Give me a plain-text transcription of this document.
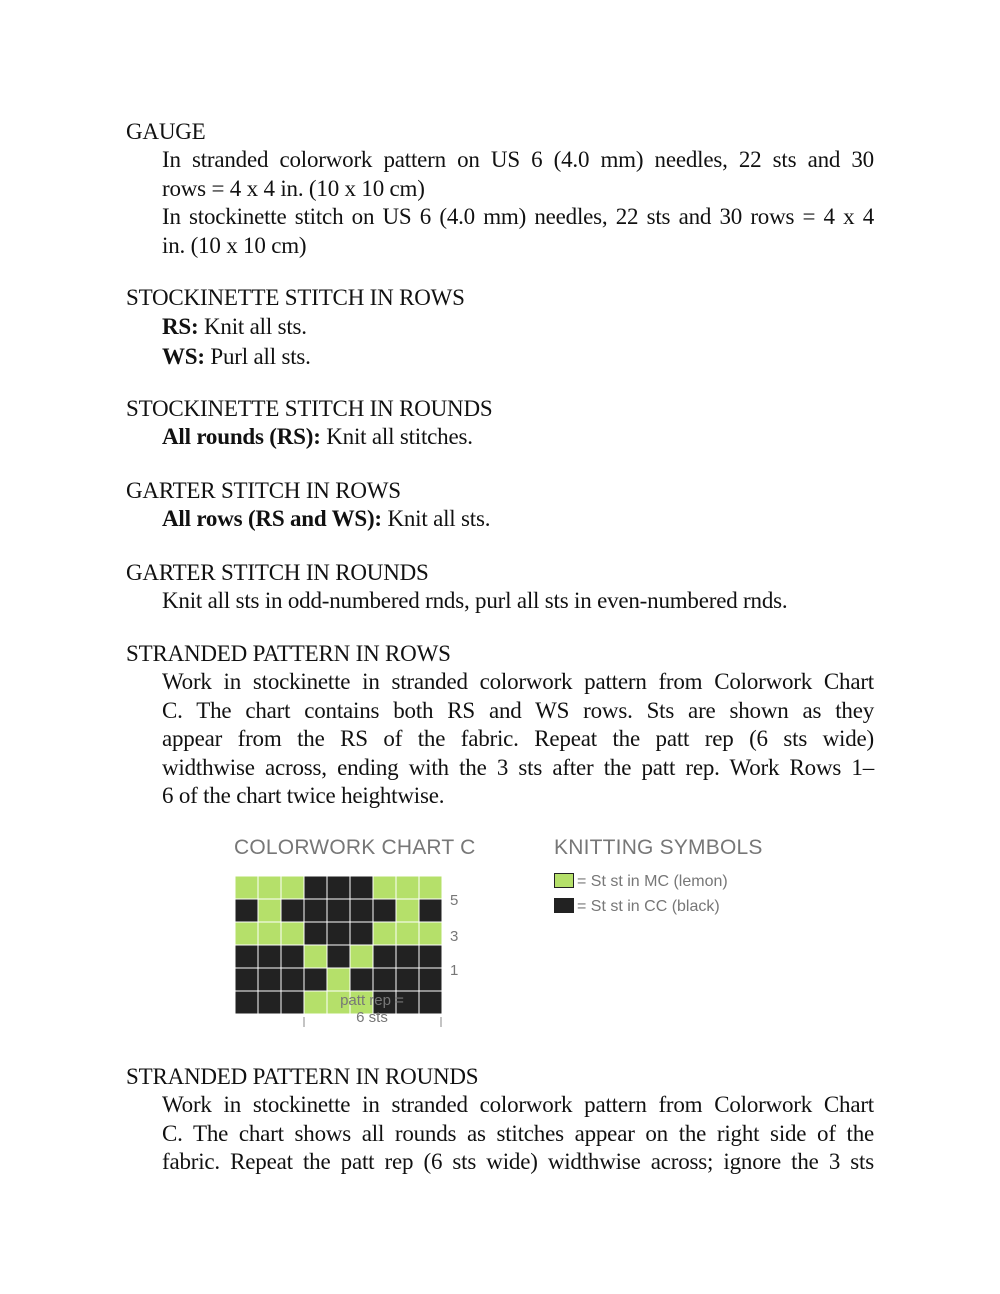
GAUGE
In stranded colorwork pattern on US 6 (4.0 mm) needles, 22 sts and 30
rows = 4 x 4 in. (10 x 10 cm)
In stockinette stitch on US 6 (4.0 mm) needles, 22 sts and 30 rows = 4 x 4
in. (10 x 10 cm)
STOCKINETTE STITCH IN ROWS
RS: Knit all sts.
WS: Purl all sts.
STOCKINETTE STITCH IN ROUNDS
All rounds (RS): Knit all stitches.
GARTER STITCH IN ROWS
All rows (RS and WS): Knit all sts.
GARTER STITCH IN ROUNDS
Knit all sts in odd-numbered rnds, purl all sts in even-numbered rnds.
STRANDED PATTERN IN ROWS
Work in stockinette in stranded colorwork pattern from Colorwork Chart
C. The chart contains both RS and WS rows. Sts are shown as they
appear from the RS of the fabric. Repeat the patt rep (6 sts wide)
widthwise across, ending with the 3 sts after the patt rep. Work Rows 1–
6 of the chart twice heightwise.
COLORWORK CHART C	KNITTING SYMBOLS
= St st in MC (lemon)
= St st in CC (black)
5
3
1
patt rep =
6 sts
STRANDED PATTERN IN ROUNDS
Work in stockinette in stranded colorwork pattern from Colorwork Chart
C. The chart shows all rounds as stitches appear on the right side of the
fabric. Repeat the patt rep (6 sts wide) widthwise across; ignore the 3 sts
